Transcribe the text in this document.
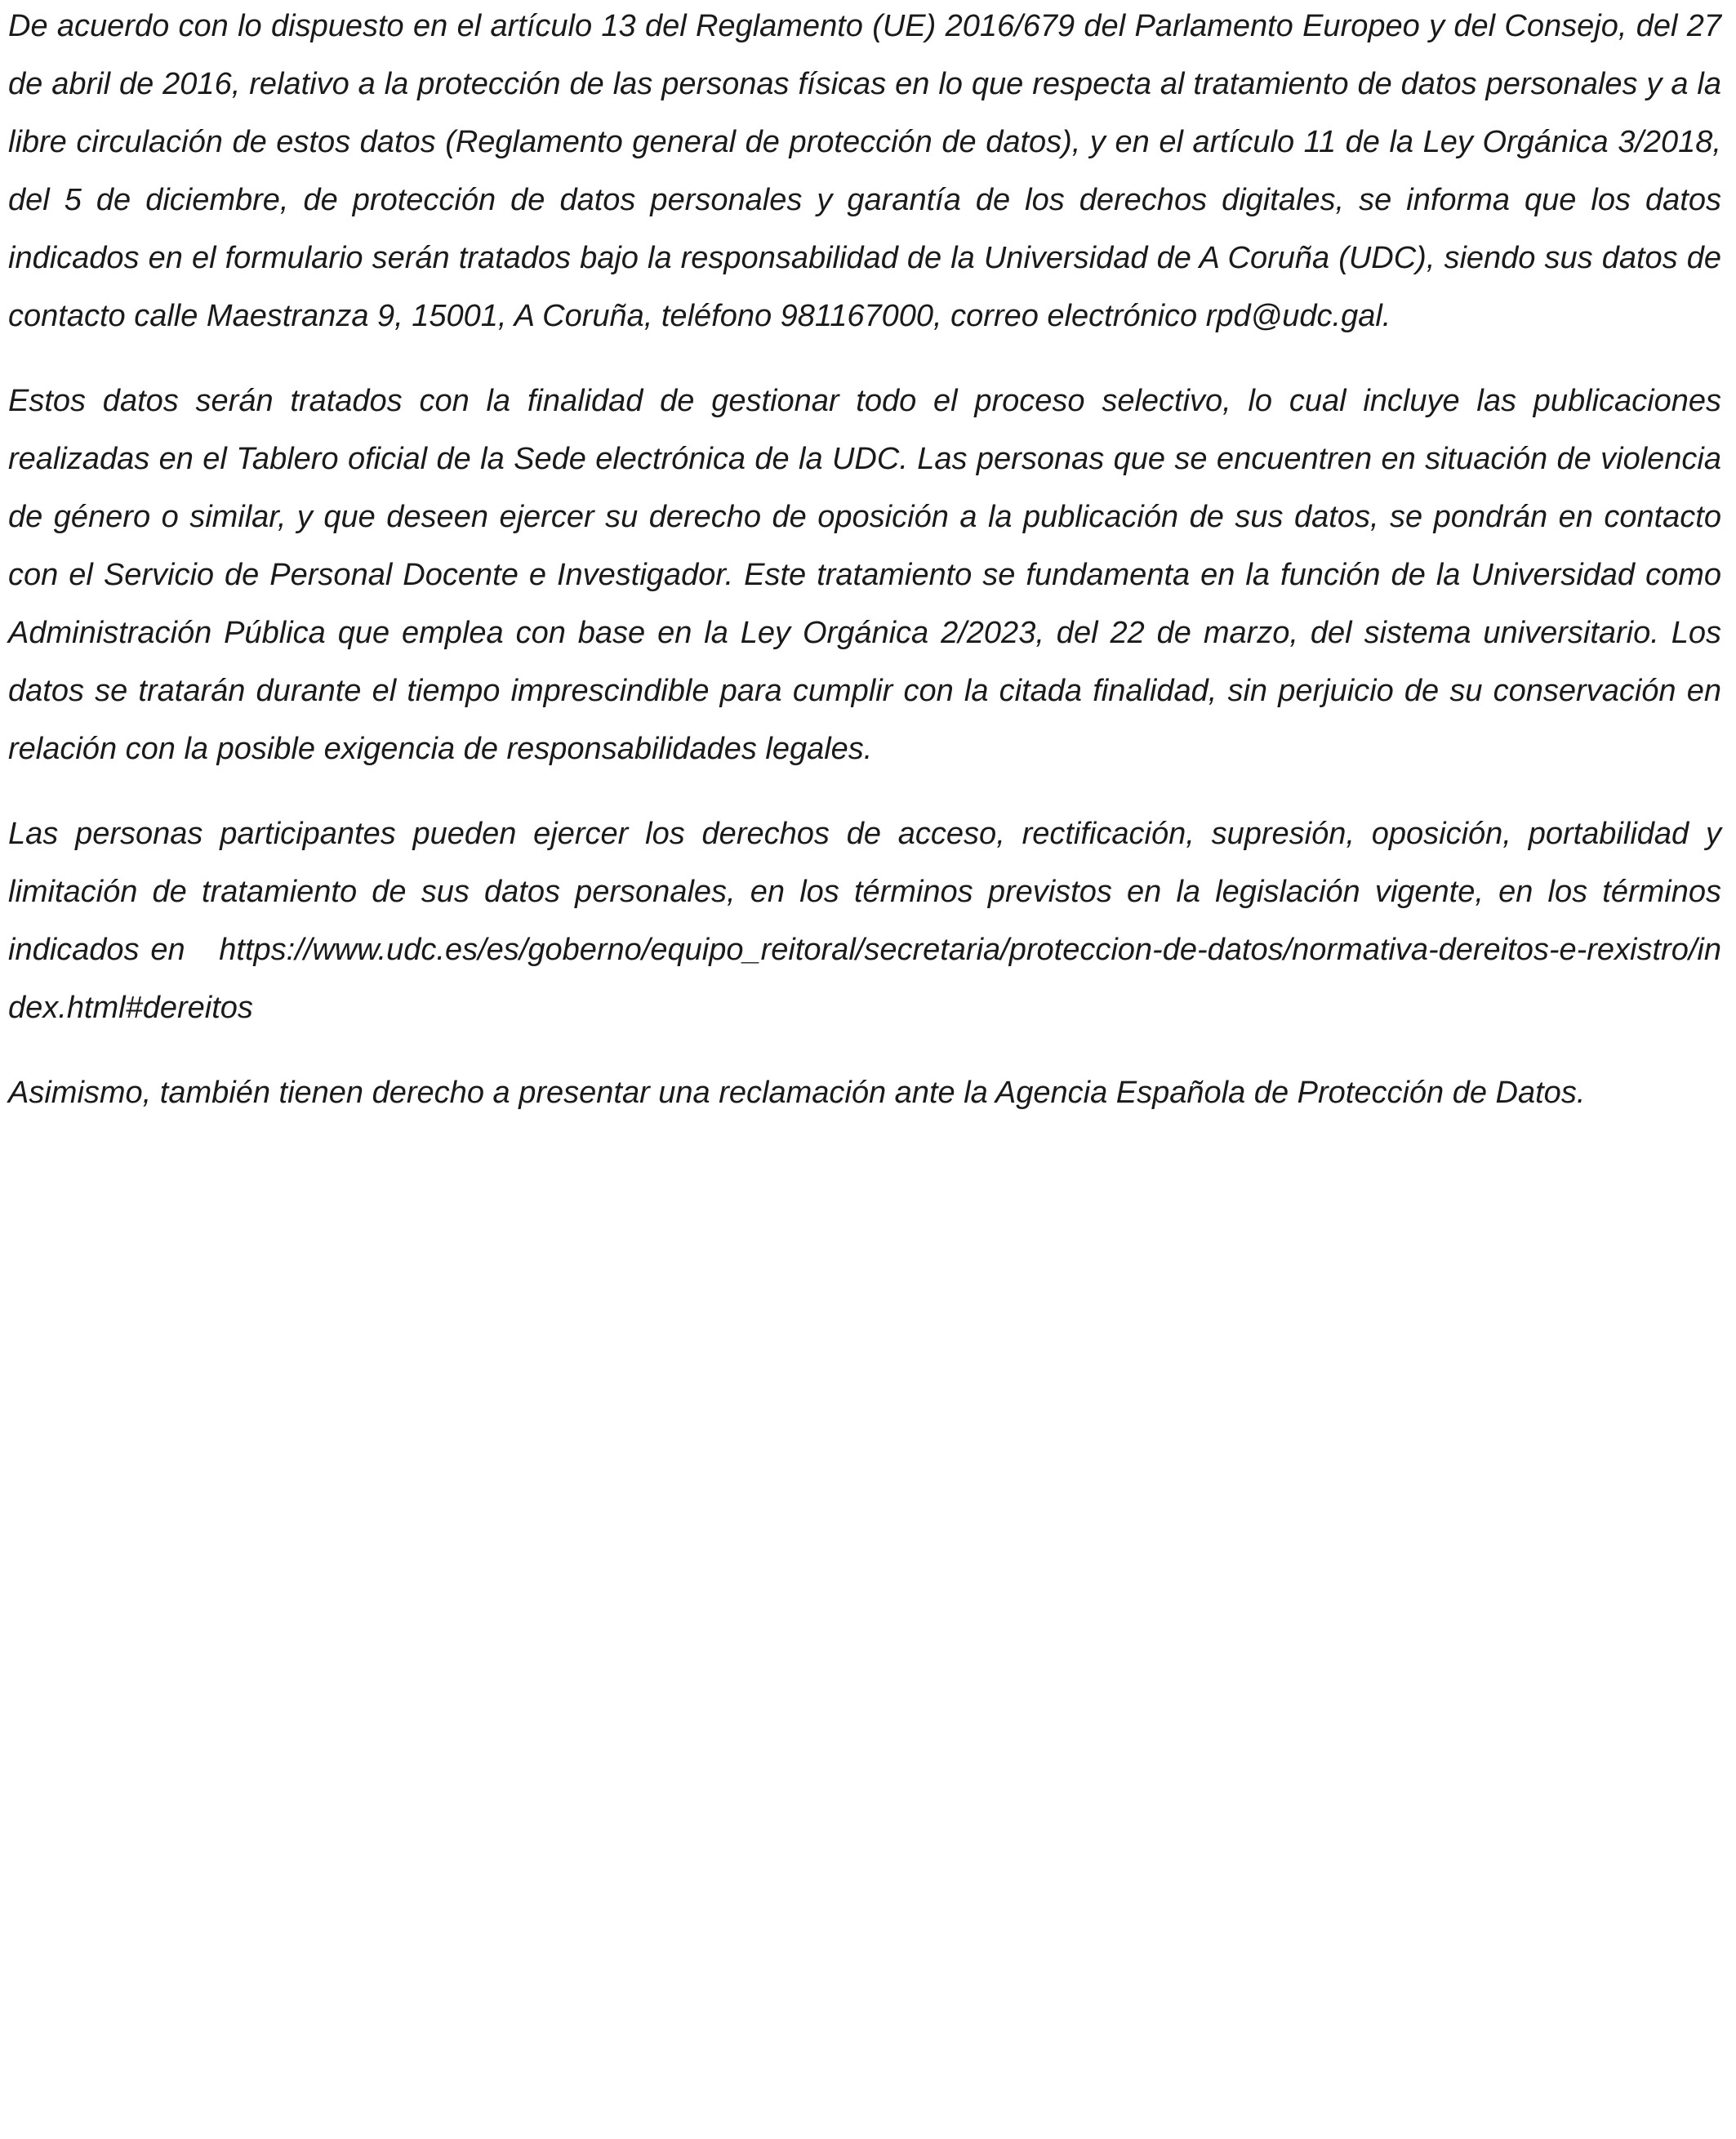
De acuerdo con lo dispuesto en el artículo 13 del Reglamento (UE) 2016/679 del Parlamento Europeo y del Consejo, del 27 de abril de 2016, relativo a la protección de las personas físicas en lo que respecta al tratamiento de datos personales y a la libre circulación de estos datos (Reglamento general de protección de datos), y en el artículo 11 de la Ley Orgánica 3/2018, del 5 de diciembre, de protección de datos personales y garantía de los derechos digitales, se informa que los datos indicados en el formulario serán tratados bajo la responsabilidad de la Universidad de A Coruña (UDC), siendo sus datos de contacto calle Maestranza 9, 15001, A Coruña, teléfono 981167000, correo electrónico rpd@udc.gal.

Estos datos serán tratados con la finalidad de gestionar todo el proceso selectivo, lo cual incluye las publicaciones realizadas en el Tablero oficial de la Sede electrónica de la UDC. Las personas que se encuentren en situación de violencia de género o similar, y que deseen ejercer su derecho de oposición a la publicación de sus datos, se pondrán en contacto con el Servicio de Personal Docente e Investigador. Este tratamiento se fundamenta en la función de la Universidad como Administración Pública que emplea con base en la Ley Orgánica 2/2023, del 22 de marzo, del sistema universitario. Los datos se tratarán durante el tiempo imprescindible para cumplir con la citada finalidad, sin perjuicio de su conservación en relación con la posible exigencia de responsabilidades legales.

Las personas participantes pueden ejercer los derechos de acceso, rectificación, supresión, oposición, portabilidad y limitación de tratamiento de sus datos personales, en los términos previstos en la legislación vigente, en los términos indicados en https://www.udc.es/es/goberno/equipo_reitoral/secretaria/proteccion-de-datos/normativa-dereitos-e-rexistro/index.html#dereitos

Asimismo, también tienen derecho a presentar una reclamación ante la Agencia Española de Protección de Datos.
